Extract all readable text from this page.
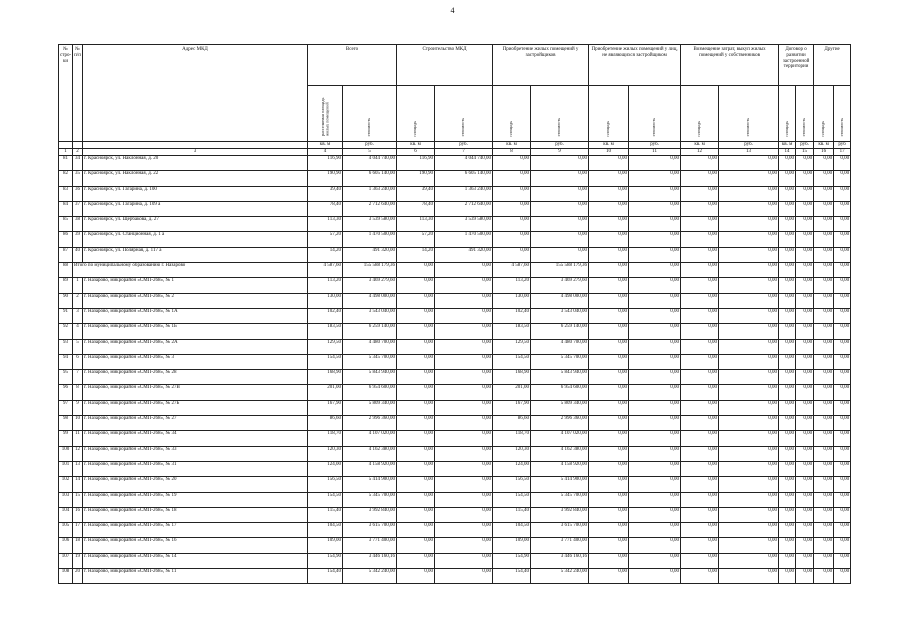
4
№ стро-ки	№ п/п	Адрес МКД	Всего		Строительство МКД		Приобретение жилых помещений у застройщиков		Приобретение жилых помещений у лиц, не являющихся застройщиком		Возмещение затрат, выкуп жилых помещений у собственников		Договор о развитии застроенной территории		Другие	
			расселяемая площадь жилых помещений	стоимость	площадь	стоимость	площадь	стоимость	площадь	стоимость	площадь	стоимость	площадь	стоимость	площадь	стоимость
			кв. м	руб.	кв. м	руб.	кв. м	руб.	кв. м	руб.	кв. м	руб.	кв. м	руб.	кв. м	руб
1	2	3	4	5	6	7	8	9	10	11	12	13	14	15	16	17
81	34	г. Красноярск, ул. Наклонная, д. 20	116,90	4 044 740,00	116,90	4 044 740,00	0,00	0,00	0,00	0,00	0,00	0,00	0,00	0,00	0,00	0,00
82	35	г. Красноярск, ул. Наклонная, д. 22	190,90	6 605 140,00	190,90	6 605 140,00	0,00	0,00	0,00	0,00	0,00	0,00	0,00	0,00	0,00	0,00
83	36	г. Красноярск, ул. Гагарина, д. 100	39,40	1 363 240,00	39,40	1 363 240,00	0,00	0,00	0,00	0,00	0,00	0,00	0,00	0,00	0,00	0,00
84	37	г. Красноярск, ул. Гагарина, д. 109 а	78,40	2 712 640,00	78,40	2 712 640,00	0,00	0,00	0,00	0,00	0,00	0,00	0,00	0,00	0,00	0,00
85	38	г. Красноярск, ул. Щербакова, д. 27	113,30	3 539 580,00	113,30	3 539 580,00	0,00	0,00	0,00	0,00	0,00	0,00	0,00	0,00	0,00	0,00
86	39	г. Красноярск, ул. Станционная, д. 1 а	57,20	1 470 500,00	57,20	1 470 500,00	0,00	0,00	0,00	0,00	0,00	0,00	0,00	0,00	0,00	0,00
87	40	г. Красноярск, ул. Полярная, д. 117 а	14,20	491 320,00	14,20	491 320,00	0,00	0,00	0,00	0,00	0,00	0,00	0,00	0,00	0,00	0,00
88	Итого по муниципальному образованию г. Назарово		4 587,60	155 588 179,36	0,00	0,00	4 587,60	155 588 179,36	0,00	0,00	0,00	0,00	0,00	0,00	0,00	0,00
89	1	г. Назарово, микрорайон «СМП-268», № 1	113,20	3 469 279,60	0,00	0,00	113,20	3 469 279,60	0,00	0,00	0,00	0,00	0,00	0,00	0,00	0,00
90	2	г. Назарово, микрорайон «СМП-268», № 2	130,00	4 498 000,00	0,00	0,00	130,00	4 498 000,00	0,00	0,00	0,00	0,00	0,00	0,00	0,00	0,00
91	3	г. Назарово, микрорайон «СМП-268», № 1А	102,40	3 543 040,00	0,00	0,00	102,40	3 543 040,00	0,00	0,00	0,00	0,00	0,00	0,00	0,00	0,00
92	4	г. Назарово, микрорайон «СМП-268», № 1Б	183,50	6 259 140,00	0,00	0,00	183,50	6 259 140,00	0,00	0,00	0,00	0,00	0,00	0,00	0,00	0,00
93	5	г. Назарово, микрорайон «СМП-268», № 2А	129,50	4 480 700,00	0,00	0,00	129,50	4 480 700,00	0,00	0,00	0,00	0,00	0,00	0,00	0,00	0,00
94	6	г. Назарово, микрорайон «СМП-268», № 3	154,50	5 345 700,00	0,00	0,00	154,50	5 345 700,00	0,00	0,00	0,00	0,00	0,00	0,00	0,00	0,00
95	7	г. Назарово, микрорайон «СМП-268», № 28	168,90	5 843 940,00	0,00	0,00	168,90	5 843 940,00	0,00	0,00	0,00	0,00	0,00	0,00	0,00	0,00
96	8	г. Назарово, микрорайон «СМП-268», № 27В	201,00	6 954 600,00	0,00	0,00	201,00	6 954 600,00	0,00	0,00	0,00	0,00	0,00	0,00	0,00	0,00
97	9	г. Назарово, микрорайон «СМП-268», № 27Б	167,90	5 809 340,00	0,00	0,00	167,90	5 809 340,00	0,00	0,00	0,00	0,00	0,00	0,00	0,00	0,00
98	10	г. Назарово, микрорайон «СМП-268», № 27	86,60	2 996 360,00	0,00	0,00	86,60	2 996 360,00	0,00	0,00	0,00	0,00	0,00	0,00	0,00	0,00
99	11	г. Назарово, микрорайон «СМП-268», № 34	118,70	4 107 020,00	0,00	0,00	118,70	4 107 020,00	0,00	0,00	0,00	0,00	0,00	0,00	0,00	0,00
100	12	г. Назарово, микрорайон «СМП-268», № 33	120,30	4 162 380,00	0,00	0,00	120,30	4 162 380,00	0,00	0,00	0,00	0,00	0,00	0,00	0,00	0,00
101	13	г. Назарово, микрорайон «СМП-268», № 31	124,00	4 158 920,00	0,00	0,00	124,00	4 158 920,00	0,00	0,00	0,00	0,00	0,00	0,00	0,00	0,00
102	14	г. Назарово, микрорайон «СМП-268», № 20	156,50	5 414 900,00	0,00	0,00	156,50	5 414 900,00	0,00	0,00	0,00	0,00	0,00	0,00	0,00	0,00
103	15	г. Назарово, микрорайон «СМП-268», № 19	154,50	5 345 700,00	0,00	0,00	154,50	5 345 700,00	0,00	0,00	0,00	0,00	0,00	0,00	0,00	0,00
104	16	г. Назарово, микрорайон «СМП-268», № 18	115,40	3 992 840,00	0,00	0,00	115,40	3 992 840,00	0,00	0,00	0,00	0,00	0,00	0,00	0,00	0,00
105	17	г. Назарово, микрорайон «СМП-268», № 17	104,50	3 615 700,00	0,00	0,00	104,50	3 615 700,00	0,00	0,00	0,00	0,00	0,00	0,00	0,00	0,00
106	18	г. Назарово, микрорайон «СМП-268», № 16	109,00	3 771 400,00	0,00	0,00	109,00	3 771 400,00	0,00	0,00	0,00	0,00	0,00	0,00	0,00	0,00
107	19	г. Назарово, микрорайон «СМП-268», № 14	154,90	3 446 160,16	0,00	0,00	154,90	3 446 160,16	0,00	0,00	0,00	0,00	0,00	0,00	0,00	0,00
108	20	г. Назарово, микрорайон «СМП-268», № 11	154,40	5 342 240,00	0,00	0,00	154,40	5 342 240,00	0,00	0,00	0,00	0,00	0,00	0,00	0,00	0,00
